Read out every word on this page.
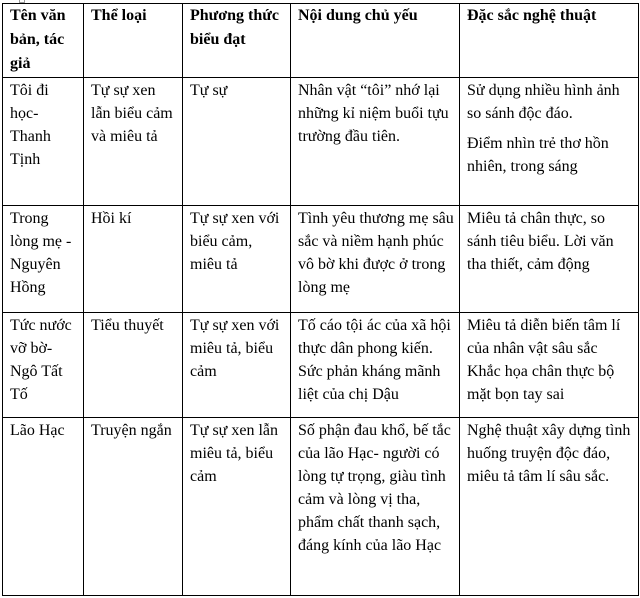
Tên văn bản, tác giả	Thể loại	Phương thức biểu đạt	Nội dung chủ yếu	Đặc sắc nghệ thuật

Tôi đi học- Thanh Tịnh	Tự sự xen lẫn biểu cảm và miêu tả	Tự sự	Nhân vật “tôi” nhớ lại những kỉ niệm buổi tựu trường đầu tiên.	Sử dụng nhiều hình ảnh so sánh độc đáo.
Điểm nhìn trẻ thơ hồn nhiên, trong sáng

Trong lòng mẹ - Nguyên Hồng	Hồi kí	Tự sự xen với biểu cảm, miêu tả	Tình yêu thương mẹ sâu sắc và niềm hạnh phúc vô bờ khi được ở trong lòng mẹ	Miêu tả chân thực, so sánh tiêu biểu. Lời văn tha thiết, cảm động

Tức nước vỡ bờ- Ngô Tất Tố	Tiểu thuyết	Tự sự xen với miêu tả, biểu cảm	Tố cáo tội ác của xã hội thực dân phong kiến. Sức phản kháng mãnh liệt của chị Dậu	Miêu tả diễn biến tâm lí của nhân vật sâu sắc Khắc họa chân thực bộ mặt bọn tay sai

Lão Hạc	Truyện ngắn	Tự sự xen lẫn miêu tả, biểu cảm	Số phận đau khổ, bế tắc của lão Hạc- người có lòng tự trọng, giàu tình cảm và lòng vị tha, phẩm chất thanh sạch, đáng kính của lão Hạc	Nghệ thuật xây dựng tình huống truyện độc đáo, miêu tả tâm lí sâu sắc.
